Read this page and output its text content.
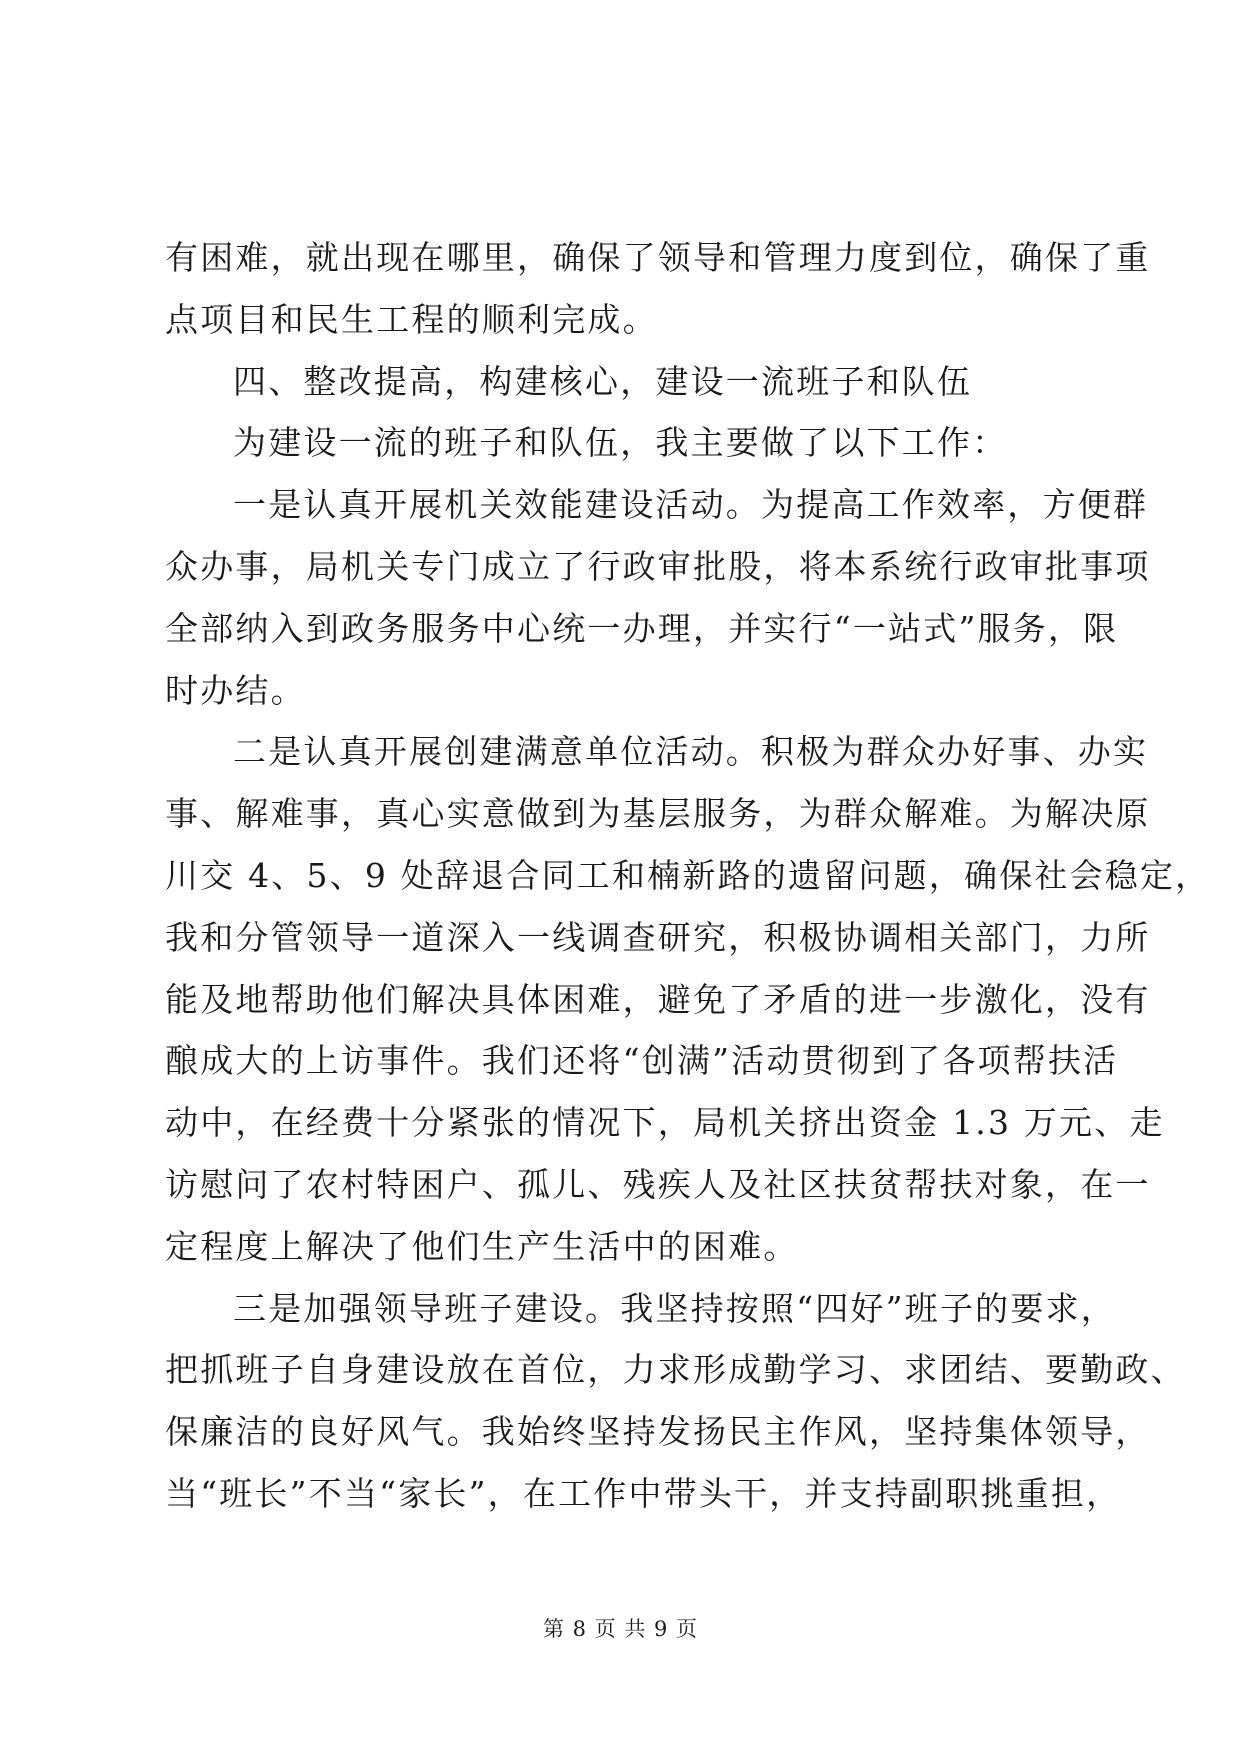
有困难，就出现在哪里，确保了领导和管理力度到位，确保了重
点项目和民生工程的顺利完成。
四、整改提高，构建核心，建设一流班子和队伍
为建设一流的班子和队伍，我主要做了以下工作：
一是认真开展机关效能建设活动。为提高工作效率，方便群
众办事，局机关专门成立了行政审批股，将本系统行政审批事项
全部纳入到政务服务中心统一办理，并实行“一站式”服务，限
时办结。
二是认真开展创建满意单位活动。积极为群众办好事、办实
事、解难事，真心实意做到为基层服务，为群众解难。为解决原
川交 4、5、9 处辞退合同工和楠新路的遗留问题，确保社会稳定，
我和分管领导一道深入一线调查研究，积极协调相关部门，力所
能及地帮助他们解决具体困难，避免了矛盾的进一步激化，没有
酿成大的上访事件。我们还将“创满”活动贯彻到了各项帮扶活
动中，在经费十分紧张的情况下，局机关挤出资金 1.3 万元、走
访慰问了农村特困户、孤儿、残疾人及社区扶贫帮扶对象，在一
定程度上解决了他们生产生活中的困难。
三是加强领导班子建设。我坚持按照“四好”班子的要求，
把抓班子自身建设放在首位，力求形成勤学习、求团结、要勤政、
保廉洁的良好风气。我始终坚持发扬民主作风，坚持集体领导，
当“班长”不当“家长”，在工作中带头干，并支持副职挑重担，
第 8 页 共 9 页
